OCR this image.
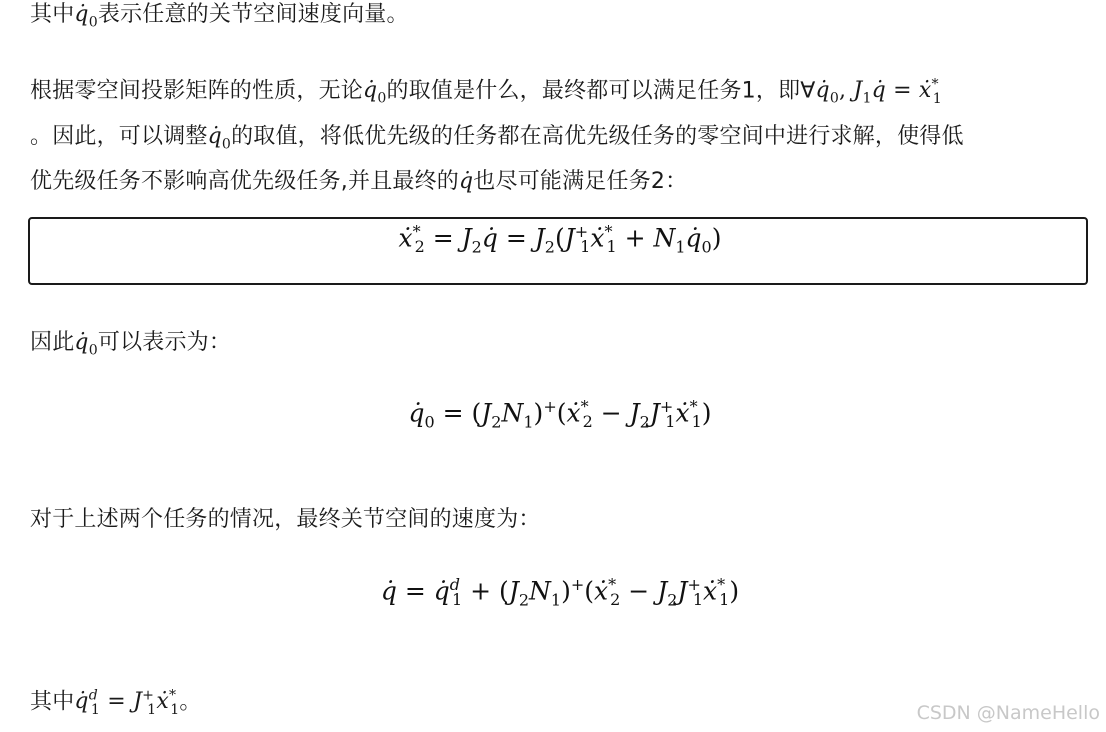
其中$q̇_0$表示任意的关节空间速度向量。
根据零空间投影矩阵的性质，无论$q̇_0$的取值是什么，最终都可以满足任务1，即$\forall q̇_0$, $J_1q̇$ = ẋ*$_1$
。因此，可以调整$q̇_0$的取值，将低优先级的任务都在高优先级任务的零空间中进行求解，使得低
优先级任务不影响高优先级任务,并且最终的q̇也尽可能满足任务2：
ẋ*$_2$ = $J_2q̇$ = $J_2(J^+_1ẋ^*_1$ + $N_1q̇_0$)
因此$q̇_0$可以表示为：
$q̇_0$ = $(J_2N_1)^+(ẋ^*_2$ − $J_2J^+_1ẋ^*_1$)
对于上述两个任务的情况，最终关节空间的速度为：
q̇ = q̇$^d_1$ + $(J_2N_1)^+(ẋ^*_2$ − $J_2J^+_1ẋ^*_1$)
其中q̇$^d_1$ = $J^+_1ẋ^*_1$。	CSDN @NameHello
